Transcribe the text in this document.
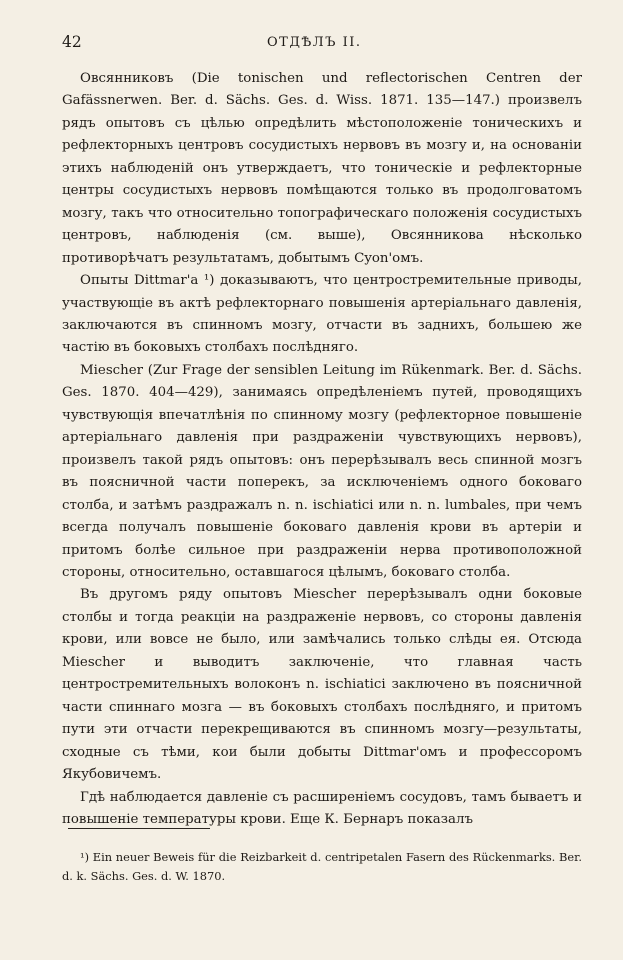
42	ОТДѢЛЪ II.

Овсянниковъ (Die tonischen und reflectorischen Centren der Gafässnerwen. Ber. d. Sächs. Ges. d. Wiss. 1871. 135—147.) произвелъ рядъ опытовъ съ цѣлью опредѣлить мѣстоположеніе тоническихъ и рефлекторныхъ центровъ сосудистыхъ нервовъ въ мозгу и, на основаніи этихъ наблюденій онъ утверждаетъ, что тоническіе и рефлекторные центры сосудистыхъ нервовъ помѣщаются только въ продолговатомъ мозгу, такъ что относительно топографическаго положенія сосудистыхъ центровъ, наблюденія (см. выше), Овсянникова нѣсколько противорѣчатъ результатамъ, добытымъ Cyon'омъ.

Опыты Dittmar'a ¹) доказываютъ, что центростремительные приводы, участвующіе въ актѣ рефлекторнаго повышенія артеріальнаго давленія, заключаются въ спинномъ мозгу, отчасти въ заднихъ, большею же частію въ боковыхъ столбахъ послѣдняго.

Miescher (Zur Frage der sensiblen Leitung im Rükenmark. Ber. d. Sächs. Ges. 1870. 404—429), занимаясь опредѣленіемъ путей, проводящихъ чувствующія впечатлѣнія по спинному мозгу (рефлекторное повышеніе артеріальнаго давленія при раздраженіи чувствующихъ нервовъ), произвелъ такой рядъ опытовъ: онъ перерѣзывалъ весь спинной мозгъ въ поясничной части поперекъ, за исключеніемъ одного боковаго столба, и затѣмъ раздражалъ n. n. ischiatici или n. n. lumbales, при чемъ всегда получалъ повышеніе боковаго давленія крови въ артеріи и притомъ болѣе сильное при раздраженіи нерва противоположной стороны, относительно, оставшагося цѣлымъ, боковаго столба.

Въ другомъ ряду опытовъ Miescher перерѣзывалъ одни боковые столбы и тогда реакціи на раздраженіе нервовъ, со стороны давленія крови, или вовсе не было, или замѣчались только слѣды ея. Отсюда Miescher и выводитъ заключеніе, что главная часть центростремительныхъ волоконъ n. ischiatici заключено въ поясничной части спиннаго мозга — въ боковыхъ столбахъ послѣдняго, и притомъ пути эти отчасти перекрещиваются въ спинномъ мозгу—результаты, сходные съ тѣми, кои были добыты Dittmar'омъ и профессоромъ Якубовичемъ.

Гдѣ наблюдается давленіе съ расширеніемъ сосудовъ, тамъ бываетъ и повышеніе температуры крови. Еще К. Бернаръ показалъ

¹) Ein neuer Beweis für die Reizbarkeit d. centripetalen Fasern des Rückenmarks. Ber. d. k. Sächs. Ges. d. W. 1870.
